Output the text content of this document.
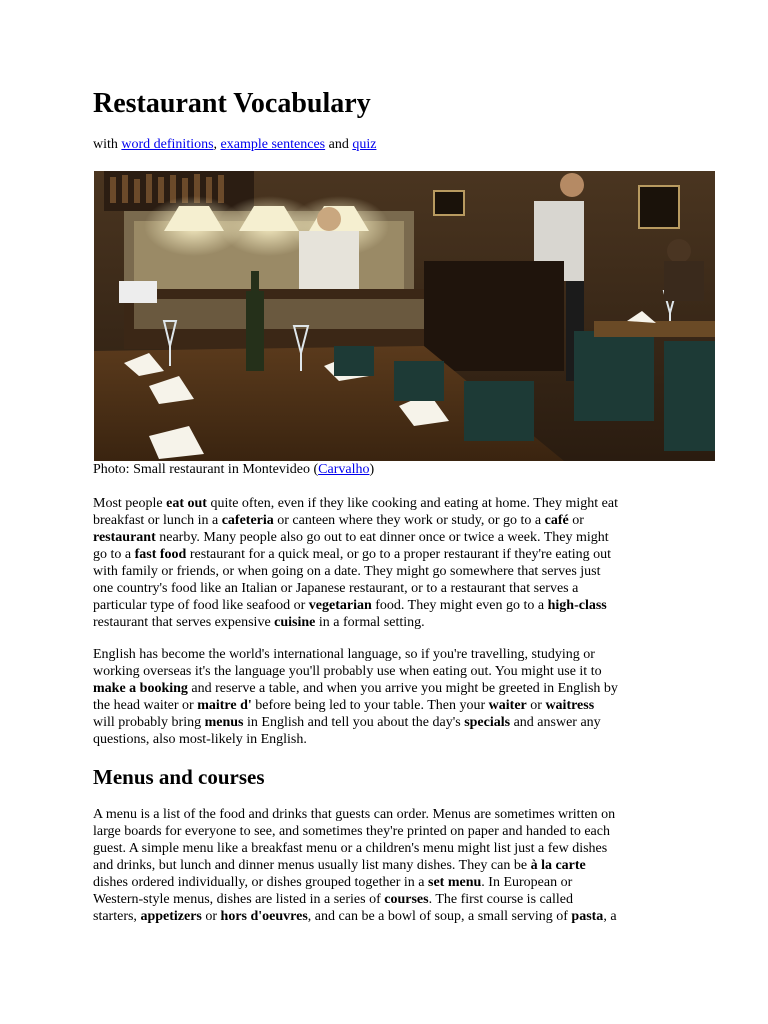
Restaurant Vocabulary
with word definitions, example sentences and quiz
Photo: Small restaurant in Montevideo (Carvalho)
Most people eat out quite often, even if they like cooking and eating at home. They might eat
breakfast or lunch in a cafeteria or canteen where they work or study, or go to a café or
restaurant nearby. Many people also go out to eat dinner once or twice a week. They might
go to a fast food restaurant for a quick meal, or go to a proper restaurant if they're eating out
with family or friends, or when going on a date. They might go somewhere that serves just
one country's food like an Italian or Japanese restaurant, or to a restaurant that serves a
particular type of food like seafood or vegetarian food. They might even go to a high-class
restaurant that serves expensive cuisine in a formal setting.
English has become the world's international language, so if you're travelling, studying or
working overseas it's the language you'll probably use when eating out. You might use it to
make a booking and reserve a table, and when you arrive you might be greeted in English by
the head waiter or maitre d' before being led to your table. Then your waiter or waitress
will probably bring menus in English and tell you about the day's specials and answer any
questions, also most-likely in English.
Menus and courses
A menu is a list of the food and drinks that guests can order. Menus are sometimes written on
large boards for everyone to see, and sometimes they're printed on paper and handed to each
guest. A simple menu like a breakfast menu or a children's menu might list just a few dishes
and drinks, but lunch and dinner menus usually list many dishes. They can be à la carte
dishes ordered individually, or dishes grouped together in a set menu. In European or
Western-style menus, dishes are listed in a series of courses. The first course is called
starters, appetizers or hors d'oeuvres, and can be a bowl of soup, a small serving of pasta, a
